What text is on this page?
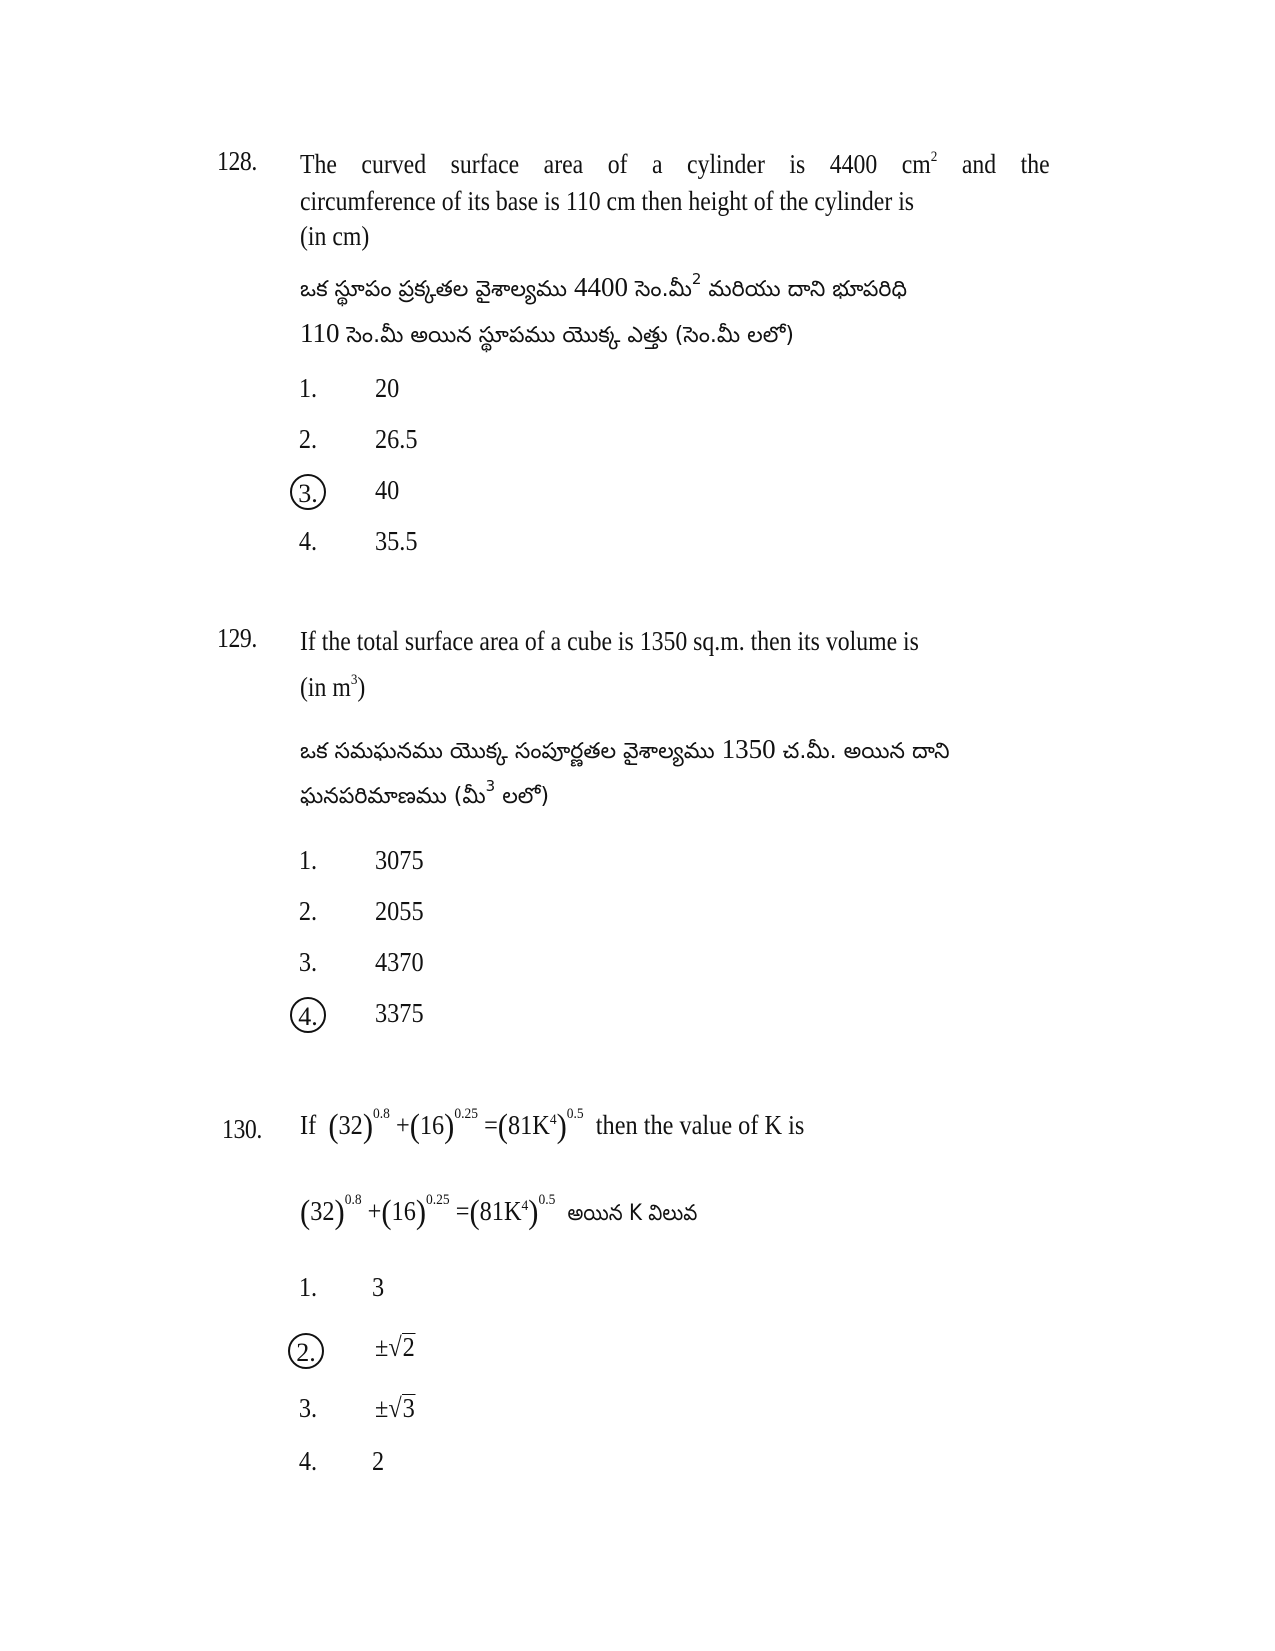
128. The curved surface area of a cylinder is 4400 $cm^2$ and the
circumference of its base is 110 cm then height of the cylinder is
(in cm)
ఒక స్థూపం ప్రక్కతల వైశాల్యము 4400 సెం.మీ$^2$ మరియు దాని భూపరిధి
110 సెం.మీ అయిన స్థూపము యొక్క ఎత్తు (సెం.మీ లలో)
1.	20
2.	26.5
3.	40
4.	35.5
129. If the total surface area of a cube is 1350 sq.m. then its volume is
(in $m^3$)
ఒక సమఘనము యొక్క సంపూర్ణతల వైశాల్యము 1350 చ.మీ. అయిన దాని
ఘనపరిమాణము (మీ$^3$ లలో)
1.	3075
2.	2055
3.	4370
4.	3375
130. If $(32)^{0.8} +(16)^{0.25} =(81K^4)^{0.5}$ then the value of K is
$(32)^{0.8} +(16)^{0.25} =(81K^4)^{0.5}$  అయిన K విలువ
1.	3
2.	±√2
3.	±√3
4.	2
